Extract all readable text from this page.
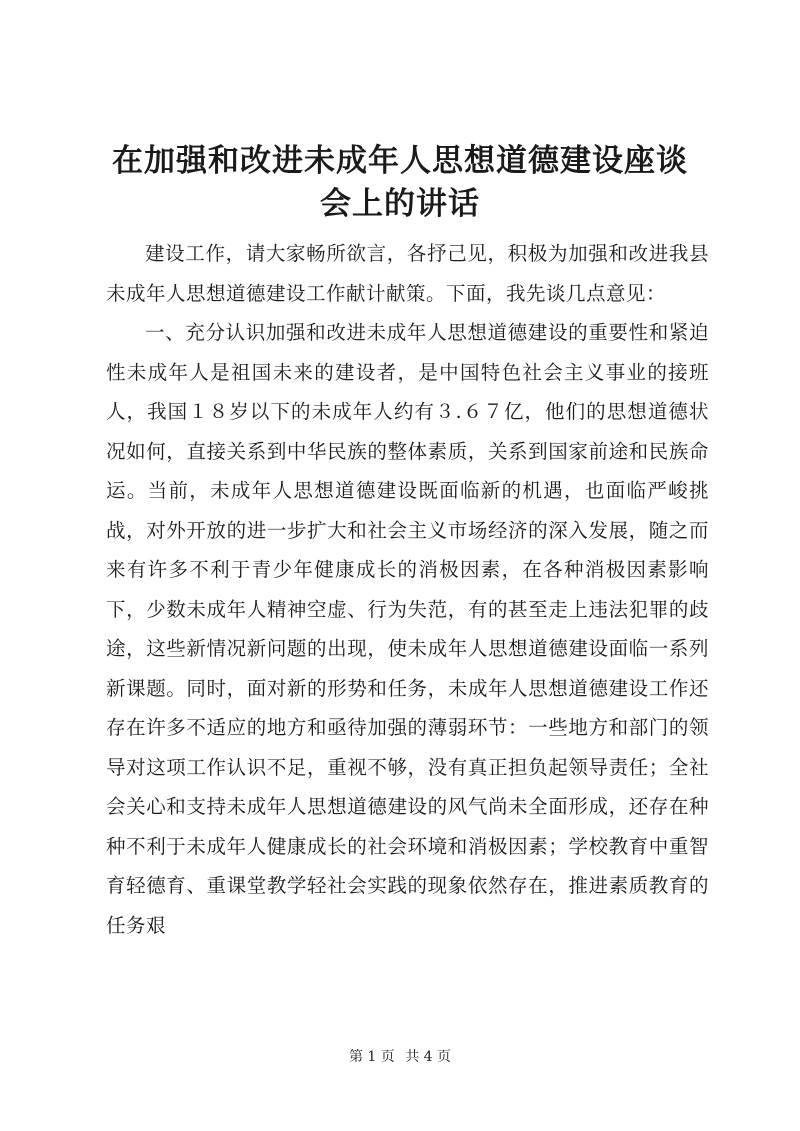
在加强和改进未成年人思想道德建设座谈会上的讲话

建设工作，请大家畅所欲言，各抒己见，积极为加强和改进我县未成年人思想道德建设工作献计献策。下面，我先谈几点意见：

一、充分认识加强和改进未成年人思想道德建设的重要性和紧迫性未成年人是祖国未来的建设者，是中国特色社会主义事业的接班人，我国１８岁以下的未成年人约有３.６７亿，他们的思想道德状况如何，直接关系到中华民族的整体素质，关系到国家前途和民族命运。当前，未成年人思想道德建设既面临新的机遇，也面临严峻挑战，对外开放的进一步扩大和社会主义市场经济的深入发展，随之而来有许多不利于青少年健康成长的消极因素，在各种消极因素影响下，少数未成年人精神空虚、行为失范，有的甚至走上违法犯罪的歧途，这些新情况新问题的出现，使未成年人思想道德建设面临一系列新课题。同时，面对新的形势和任务，未成年人思想道德建设工作还存在许多不适应的地方和亟待加强的薄弱环节：一些地方和部门的领导对这项工作认识不足，重视不够，没有真正担负起领导责任；全社会关心和支持未成年人思想道德建设的风气尚未全面形成，还存在种种不利于未成年人健康成长的社会环境和消极因素；学校教育中重智育轻德育、重课堂教学轻社会实践的现象依然存在，推进素质教育的任务艰

第 1 页 共 4 页
